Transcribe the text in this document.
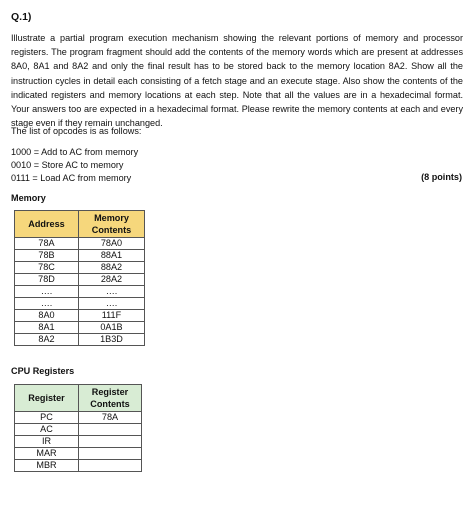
Q.1)

Illustrate a partial program execution mechanism showing the relevant portions of memory and processor registers. The program fragment should add the contents of the memory words which are present at addresses 8A0, 8A1 and 8A2 and only the final result has to be stored back to the memory location 8A2. Show all the instruction cycles in detail each consisting of a fetch stage and an execute stage. Also show the contents of the indicated registers and memory locations at each step. Note that all the values are in a hexadecimal format. Your answers too are expected in a hexadecimal format. Please rewrite the memory contents at each and every stage even if they remain unchanged.

The list of opcodes is as follows:
1000 = Add to AC from memory
0010 = Store AC to memory
0111 = Load AC from memory	(8 points)
Memory
Address	Memory Contents
78A	78A0
78B	88A1
78C	88A2
78D	28A2
….	….
….	….
8A0	111F
8A1	0A1B
8A2	1B3D
CPU Registers
Register	Register Contents
PC	78A
AC	
IR	
MAR	
MBR	
